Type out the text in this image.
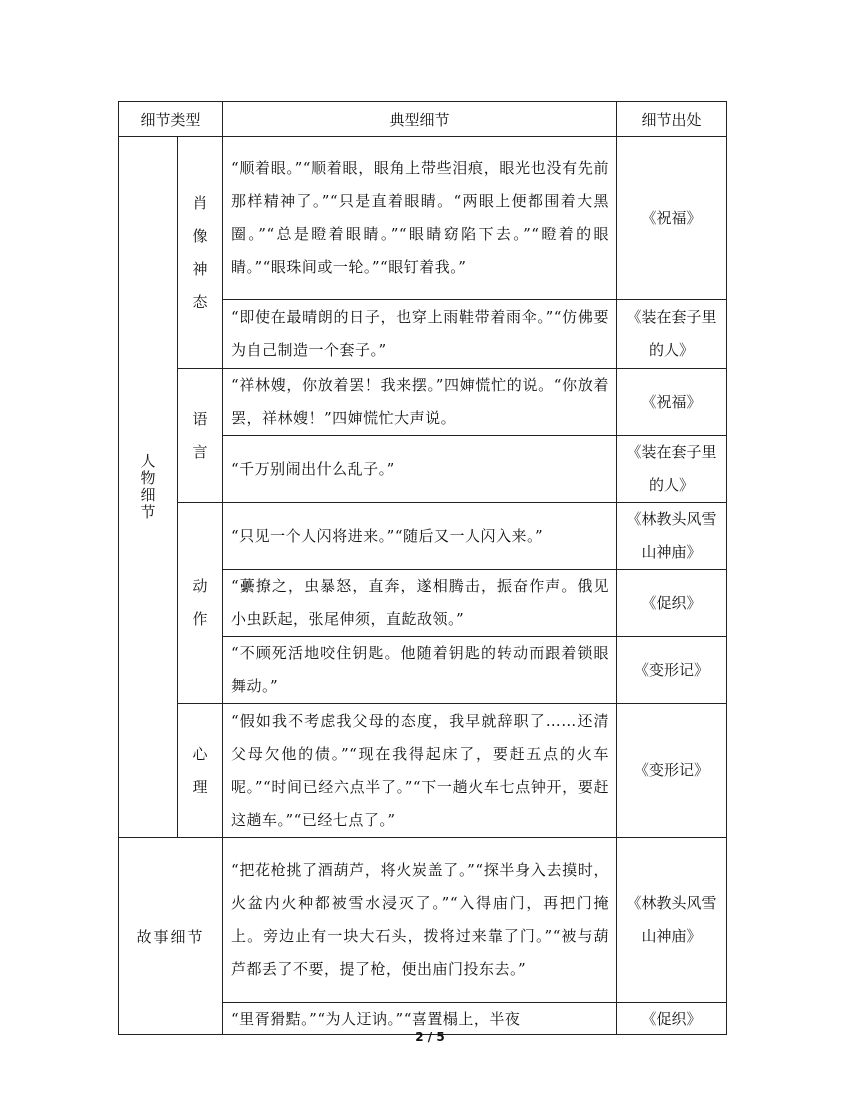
细节类型		典型细节	细节出处
人物细节	肖像神态	“顺着眼。”“顺着眼，眼角上带些泪痕，眼光也没有先前那样精神了。”“只是直着眼睛。“两眼上便都围着大黑圈。”“总是瞪着眼睛。”“眼睛窈陷下去。”“瞪着的眼睛。”“眼珠间或一轮。”“眼钉着我。”	《祝福》
		“即使在最晴朗的日子，也穿上雨鞋带着雨伞。”“仿佛要为自己制造一个套子。”	《装在套子里的人》
	语言	“祥林嫂，你放着罢！我来摆。”四婶慌忙的说。“你放着罢，祥林嫂！”四婶慌忙大声说。	《祝福》
		“千万别闹出什么乱子。”	《装在套子里的人》
	动作	“只见一个人闪将进来。”“随后又一人闪入来。”	《林教头风雪山神庙》
		“虆撩之，虫暴怒，直奔，遂相腾击，振奋作声。俄见小虫跃起，张尾伸须，直龁敌领。”	《促织》
		“不顾死活地咬住钥匙。他随着钥匙的转动而跟着锁眼舞动。”	《变形记》
	心理	“假如我不考虑我父母的态度，我早就辞职了……还清父母欠他的债。”“现在我得起床了，要赶五点的火车呢。”“时间已经六点半了。”“下一趟火车七点钟开，要赶这趟车。”“已经七点了。”	《变形记》
故事细节		“把花枪挑了酒葫芦，将火炭盖了。”“探半身入去摸时，火盆内火种都被雪水浸灭了。”“入得庙门，再把门掩上。旁边止有一块大石头，拨将过来靠了门。”“被与葫芦都丢了不要，提了枪，便出庙门投东去。”	《林教头风雪山神庙》
		“里胥猾黠。”“为人迂讷。”“喜置榻上，半夜	《促织》
2 / 5
